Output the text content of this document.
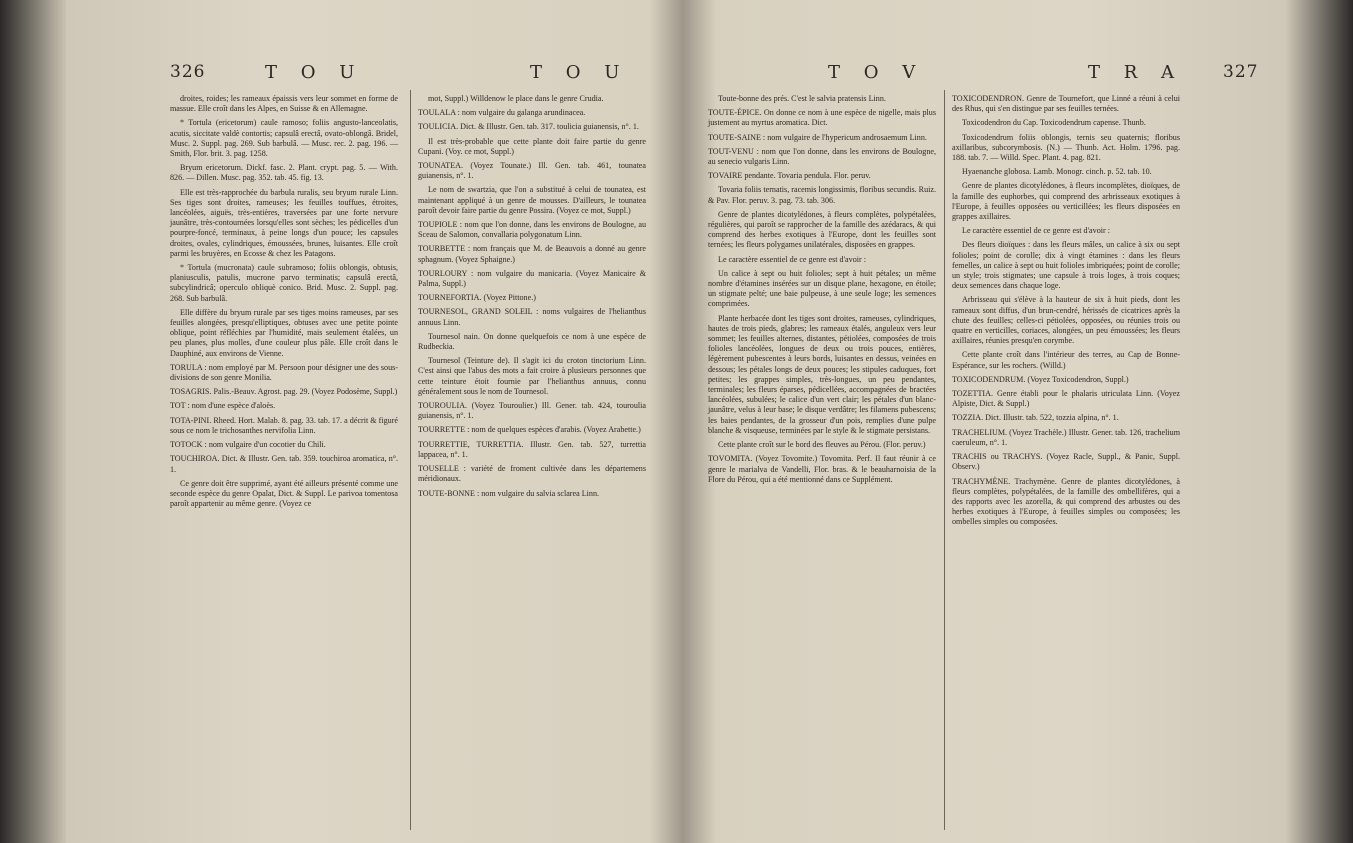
326	T O U	T O U

droites, roides; les rameaux épaissis vers leur sommet en forme de massue. Elle croît dans les Alpes, en Suisse & en Allemagne.

* Tortula (ericetorum) caule ramoso; foliis angusto-lanceolatis, acutis, siccitate valdè contortis; capsulâ erectâ, ovato-oblongâ. Bridel, Musc. 2. Suppl. pag. 269. Sub barbulâ. — Musc. rec. 2. pag. 196. — Smith, Flor. brit. 3. pag. 1258.

Bryum ericetorum. Dickf. fasc. 2. Plant. crypt. pag. 5. — With. 826. — Dillen. Musc. pag. 352. tab. 45. fig. 13.

Elle est très-rapprochée du barbula ruralis, seu bryum rurale Linn. Ses tiges sont droites, rameuses; les feuilles touffues, étroites, lancéolées, aiguës, très-entières, traversées par une forte nervure jaunâtre, très-contournées lorsqu'elles sont sèches; les pédicelles d'un pourpre-foncé, terminaux, à peine longs d'un pouce; les capsules droites, ovales, cylindriques, émoussées, brunes, luisantes. Elle croît parmi les bruyères, en Ecosse & chez les Patagons.

* Tortula (mucronata) caule subramoso; foliis oblongis, obtusis, planiusculis, patulis, mucrone parvo terminatis; capsulâ erectâ, subcylindricâ; operculo obliquè conico. Brid. Musc. 2. Suppl. pag. 268. Sub barbulâ.

Elle diffère du bryum rurale par ses tiges moins rameuses, par ses feuilles alongées, presqu'elliptiques, obtuses avec une petite pointe oblique, point réfléchies par l'humidité, mais seulement étalées, un peu planes, plus molles, d'une couleur plus pâle. Elle croît dans le Dauphiné, aux environs de Vienne.

TORULA : nom employé par M. Persoon pour désigner une des sous-divisions de son genre Monilia.

TOSAGRIS. Palis.-Beauv. Agrost. pag. 29. (Voyez Podosème, Suppl.)

TOT : nom d'une espèce d'aloès.

TOTA-PINI. Rheed. Hort. Malab. 8. pag. 33. tab. 17. a décrit & figuré sous ce nom le trichosanthes nervifolia Linn.

TOTOCK : nom vulgaire d'un cocotier du Chili.

TOUCHIROA. Dict. & Illustr. Gen. tab. 359. touchiroa aromatica, n°. 1.

Ce genre doit être supprimé, ayant été ailleurs présenté comme une seconde espèce du genre Opalat, Dict. & Suppl. Le parivoa tomentosa paroît appartenir au même genre. (Voyez ce

mot, Suppl.) Willdenow le place dans le genre Crudia.

TOULALA : nom vulgaire du galanga arundinacea.

TOULICIA. Dict. & Illustr. Gen. tab. 317. toulicia guianensis, n°. 1.

Il est très-probable que cette plante doit faire partie du genre Cupani. (Voy. ce mot, Suppl.)

TOUNATEA. (Voyez Tounate.) Ill. Gen. tab. 461, tounatea guianensis, n°. 1.

Le nom de swartzia, que l'on a substitué à celui de tounatea, est maintenant appliqué à un genre de mousses. D'ailleurs, le tounatea paroît devoir faire partie du genre Possira. (Voyez ce mot, Suppl.)

TOUPIOLE : nom que l'on donne, dans les environs de Boulogne, au Sceau de Salomon, convallaria polygonatum Linn.

TOURBETTE : nom français que M. de Beauvois a donné au genre sphagnum. (Voyez Sphaigne.)

TOURLOURY : nom vulgaire du manicaria. (Voyez Manicaire & Palma, Suppl.)

TOURNEFORTIA. (Voyez Pittone.)

TOURNESOL, GRAND SOLEIL : noms vulgaires de l'helianthus annuus Linn.

Tournesol nain. On donne quelquefois ce nom à une espèce de Rudbeckia.

Tournesol (Teinture de). Il s'agit ici du croton tinctorium Linn. C'est ainsi que l'abus des mots a fait croire à plusieurs personnes que cette teinture étoit fournie par l'helianthus annuus, connu généralement sous le nom de Tournesol.

TOUROULIA. (Voyez Touroulier.) Ill. Gener. tab. 424, touroulia guianensis, n°. 1.

TOURRETTE : nom de quelques espèces d'arabis. (Voyez Arabette.)

TOURRETTIE, TURRETTIA. Illustr. Gen. tab. 527, turrettia lappacea, n°. 1.

TOUSELLE : variété de froment cultivée dans les départemens méridionaux.

TOUTE-BONNE : nom vulgaire du salvia sclarea Linn.

T O V	T R A 327

Toute-bonne des prés. C'est le salvia pratensis Linn.

TOUTE-ÉPICE. On donne ce nom à une espèce de nigelle, mais plus justement au myrtus aromatica. Dict.

TOUTE-SAINE : nom vulgaire de l'hypericum androsaemum Linn.

TOUT-VENU : nom que l'on donne, dans les environs de Boulogne, au senecio vulgaris Linn.

TOVAIRE pendante. Tovaria pendula. Flor. peruv.

Tovaria foliis ternatis, racemis longissimis, floribus secundis. Ruiz. & Pav. Flor. peruv. 3. pag. 73. tab. 306.

Genre de plantes dicotylédones, à fleurs complètes, polypétalées, régulières, qui paroît se rapprocher de la famille des azédaracs, & qui comprend des herbes exotiques à l'Europe, dont les feuilles sont ternées; les fleurs polygames unilatérales, disposées en grappes.

Le caractère essentiel de ce genre est d'avoir :

Un calice à sept ou huit folioles; sept à huit pétales; un même nombre d'étamines insérées sur un disque plane, hexagone, en étoile; un stigmate pelté; une baie pulpeuse, à une seule loge; les semences comprimées.

Plante herbacée dont les tiges sont droites, rameuses, cylindriques, hautes de trois pieds, glabres; les rameaux étalés, anguleux vers leur sommet; les feuilles alternes, distantes, pétiolées, composées de trois folioles lancéolées, longues de deux ou trois pouces, entières, légèrement pubescentes à leurs bords, luisantes en dessus, veinées en dessous; les pétales longs de deux pouces; les stipules caduques, fort petites; les grappes simples, très-longues, un peu pendantes, terminales; les fleurs éparses, pédicellées, accompagnées de bractées lancéolées, subulées; le calice d'un vert clair; les pétales d'un blanc-jaunâtre, velus à leur base; le disque verdâtre; les filamens pubescens; les baies pendantes, de la grosseur d'un pois, remplies d'une pulpe blanche & visqueuse, terminées par le style & le stigmate persistans.

Cette plante croît sur le bord des fleuves au Pérou. (Flor. peruv.)

TOVOMITA. (Voyez Tovomite.) Tovomita. Perf. Il faut réunir à ce genre le marialva de Vandelli, Flor. bras. & le beauharnoisia de la Flore du Pérou, qui a été mentionné dans ce Supplément.

TOXICODENDRON. Genre de Tournefort, que Linné a réuni à celui des Rhus, qui s'en distingue par ses feuilles ternées.

Toxicodendron du Cap. Toxicodendrum capense. Thunb.

Toxicodendrum foliis oblongis, ternis seu quaternis; floribus axillaribus, subcorymbosis. (N.) — Thunb. Act. Holm. 1796. pag. 188. tab. 7. — Willd. Spec. Plant. 4. pag. 821.

Hyaenanche globosa. Lamb. Monogr. cinch. p. 52. tab. 10.

Genre de plantes dicotylédones, à fleurs incomplètes, dioïques, de la famille des euphorbes, qui comprend des arbrisseaux exotiques à l'Europe, à feuilles opposées ou verticillées; les fleurs disposées en grappes axillaires.

Le caractère essentiel de ce genre est d'avoir :

Des fleurs dioïques : dans les fleurs mâles, un calice à six ou sept folioles; point de corolle; dix à vingt étamines : dans les fleurs femelles, un calice à sept ou huit folioles imbriquées; point de corolle; un style; trois stigmates; une capsule à trois loges, à trois coques; deux semences dans chaque loge.

Arbrisseau qui s'élève à la hauteur de six à huit pieds, dont les rameaux sont diffus, d'un brun-cendré, hérissés de cicatrices après la chute des feuilles; celles-ci pétiolées, opposées, ou réunies trois ou quatre en verticilles, coriaces, alongées, un peu émoussées; les fleurs axillaires, réunies presqu'en corymbe.

Cette plante croît dans l'intérieur des terres, au Cap de Bonne-Espérance, sur les rochers. (Willd.)

TOXICODENDRUM. (Voyez Toxicodendron, Suppl.)

TOZETTIA. Genre établi pour le phalaris utriculata Linn. (Voyez Alpiste, Dict. & Suppl.)

TOZZIA. Dict. Illustr. tab. 522, tozzia alpina, n°. 1.

TRACHELIUM. (Voyez Trachèle.) Illustr. Gener. tab. 126, trachelium caeruleum, n°. 1.

TRACHIS ou TRACHYS. (Voyez Racle, Suppl., & Panic, Suppl. Observ.)

TRACHYMÈNE. Trachymène. Genre de plantes dicotylédones, à fleurs complètes, polypétalées, de la famille des ombellifères, qui a des rapports avec les azorella, & qui comprend des arbustes ou des herbes exotiques à l'Europe, à feuilles simples ou composées; les ombelles simples ou composées.
